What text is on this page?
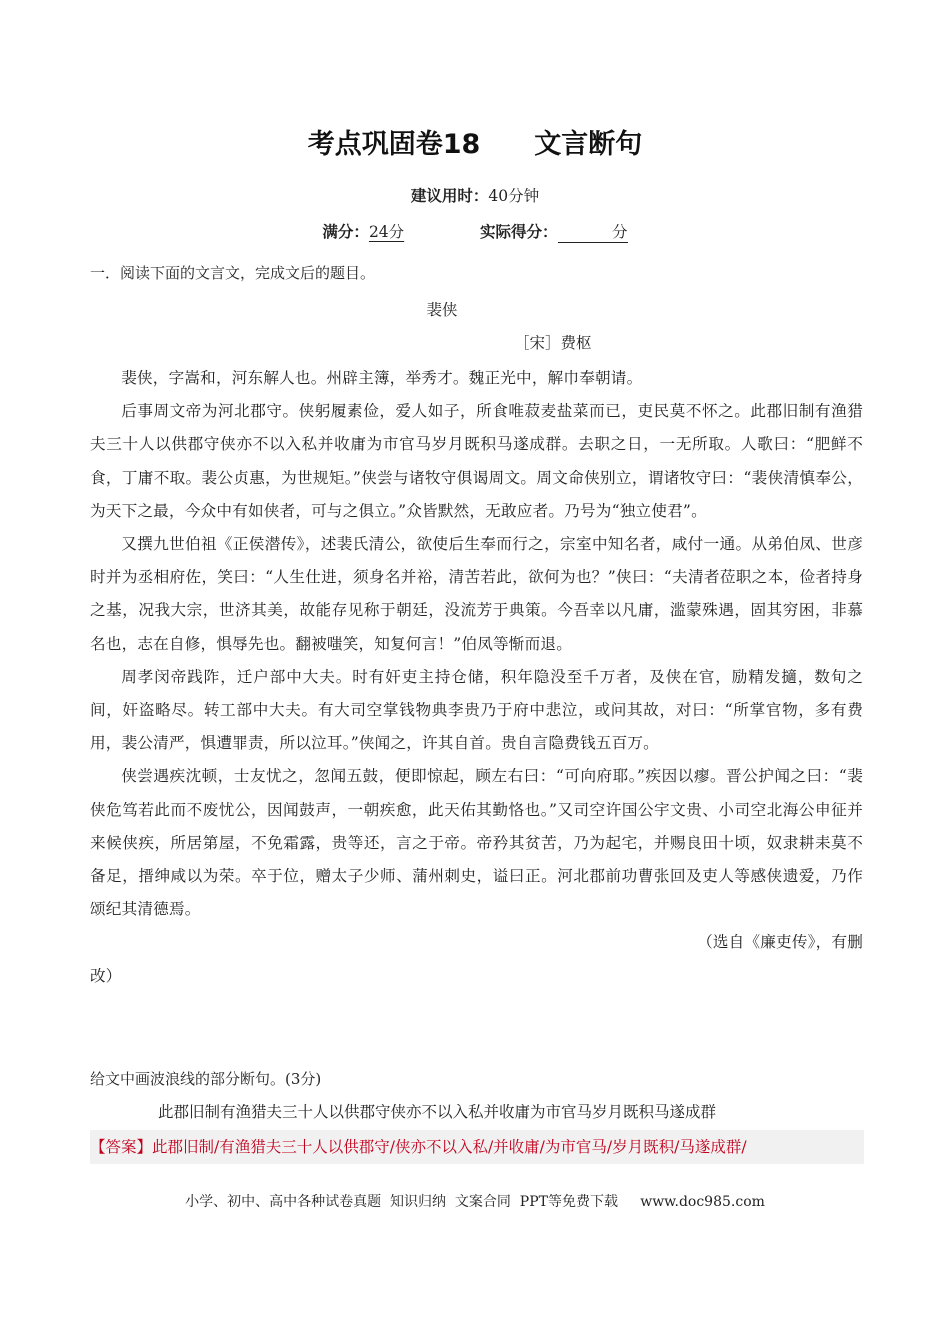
考点巩固卷18　　文言断句
建议用时：40分钟
满分：24分	实际得分：	分
一．阅读下面的文言文，完成文后的题目。
裴侠
［宋］费枢

裴侠，字嵩和，河东解人也。州辟主簿，举秀才。魏正光中，解巾奉朝请。

后事周文帝为河北郡守。侠躬履素俭，爱人如子，所食唯菽麦盐菜而已，吏民莫不怀之。此郡旧制有渔猎夫三十人以供郡守侠亦不以入私并收庸为市官马岁月既积马遂成群。去职之日，一无所取。人歌曰：“肥鲜不食，丁庸不取。裴公贞惠，为世规矩。”侠尝与诸牧守俱谒周文。周文命侠别立，谓诸牧守曰：“裴侠清慎奉公，为天下之最，今众中有如侠者，可与之俱立。”众皆默然，无敢应者。乃号为“独立使君”。

又撰九世伯祖《正侯潜传》，述裴氏清公，欲使后生奉而行之，宗室中知名者，咸付一通。从弟伯凤、世彦时并为丞相府佐，笑曰：“人生仕进，须身名并裕，清苦若此，欲何为也？”侠曰：“夫清者莅职之本，俭者持身之基，况我大宗，世济其美，故能存见称于朝廷，没流芳于典策。今吾幸以凡庸，滥蒙殊遇，固其穷困，非慕名也，志在自修，惧辱先也。翻被嗤笑，知复何言！”伯凤等惭而退。

周孝闵帝践阼，迁户部中大夫。时有奸吏主持仓储，积年隐没至千万者，及侠在官，励精发擿，数旬之间，奸盗略尽。转工部中大夫。有大司空掌钱物典李贵乃于府中悲泣，或问其故，对曰：“所掌官物，多有费用，裴公清严，惧遭罪责，所以泣耳。”侠闻之，许其自首。贵自言隐费钱五百万。

侠尝遇疾沈顿，士友忧之，忽闻五鼓，便即惊起，顾左右曰：“可向府耶。”疾因以瘳。晋公护闻之曰：“裴侠危笃若此而不废忧公，因闻鼓声，一朝疾愈，此天佑其勤恪也。”又司空许国公宇文贵、小司空北海公申征并来候侠疾，所居第屋，不免霜露，贵等还，言之于帝。帝矜其贫苦，乃为起宅，并赐良田十顷，奴隶耕耒莫不备足，搢绅咸以为荣。卒于位，赠太子少师、蒲州刺史，谥曰正。河北郡前功曹张回及吏人等感侠遗爱，乃作颂纪其清德焉。

（选自《廉吏传》，有删
改）
给文中画波浪线的部分断句。(3分)
此郡旧制有渔猎夫三十人以供郡守侠亦不以入私并收庸为市官马岁月既积马遂成群
【答案】此郡旧制/有渔猎夫三十人以供郡守/侠亦不以入私/并收庸/为市官马/岁月既积/马遂成群/
小学、初中、高中各种试卷真题  知识归纳  文案合同  PPT等免费下载     www.doc985.com
